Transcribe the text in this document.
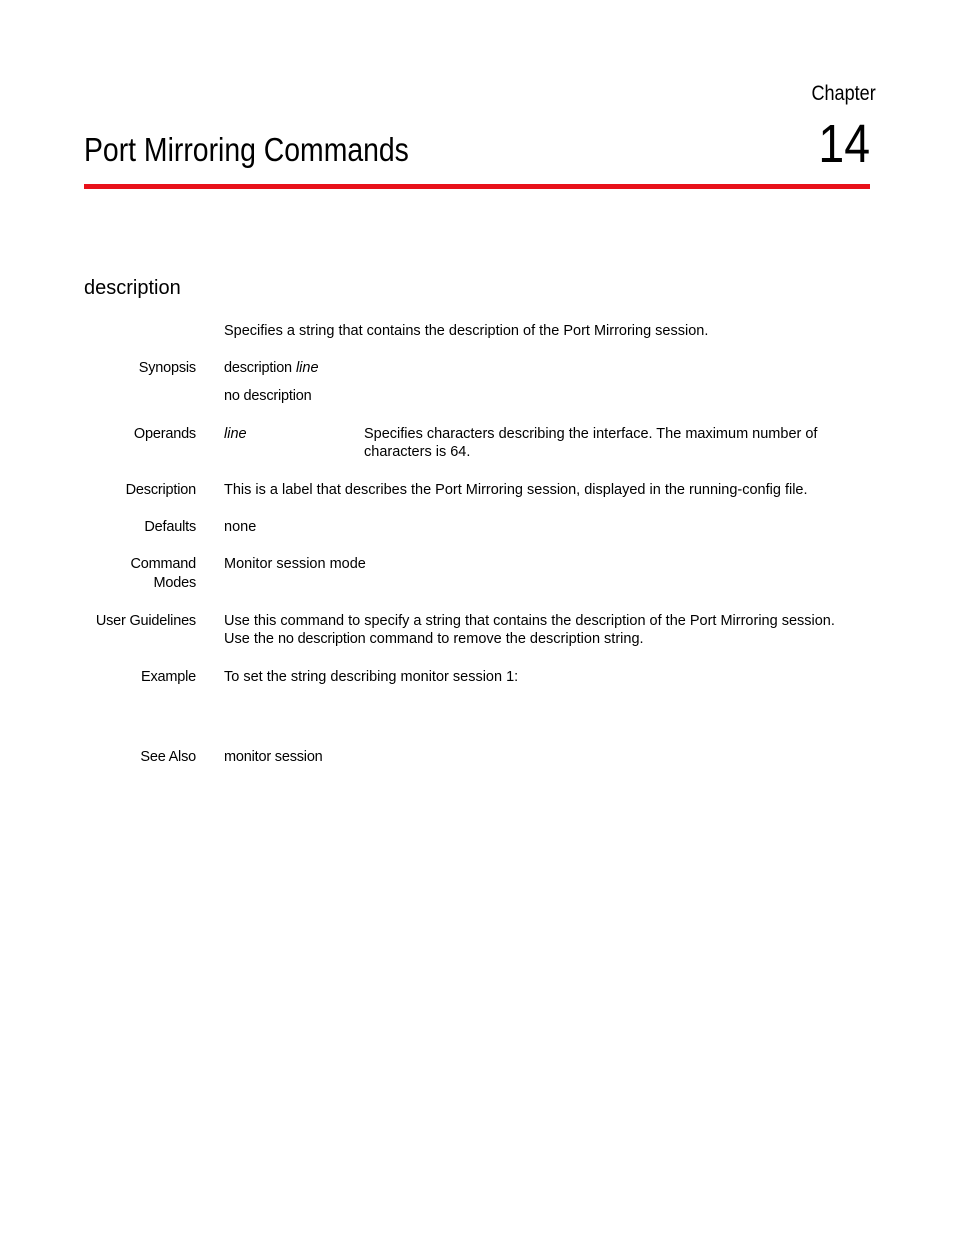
Chapter
14
Port Mirroring Commands
description
Specifies a string that contains the description of the Port Mirroring session.
Synopsis description line
no description
Operands line	Specifies characters describing the interface. The maximum number of characters is 64.
Description This is a label that describes the Port Mirroring session, displayed in the running-config file.
Defaults none
Command
Modes
Monitor session mode
User Guidelines Use this command to specify a string that contains the description of the Port Mirroring session.
Use the no description command to remove the description string.
Example To set the string describing monitor session 1:
See Also monitor session
